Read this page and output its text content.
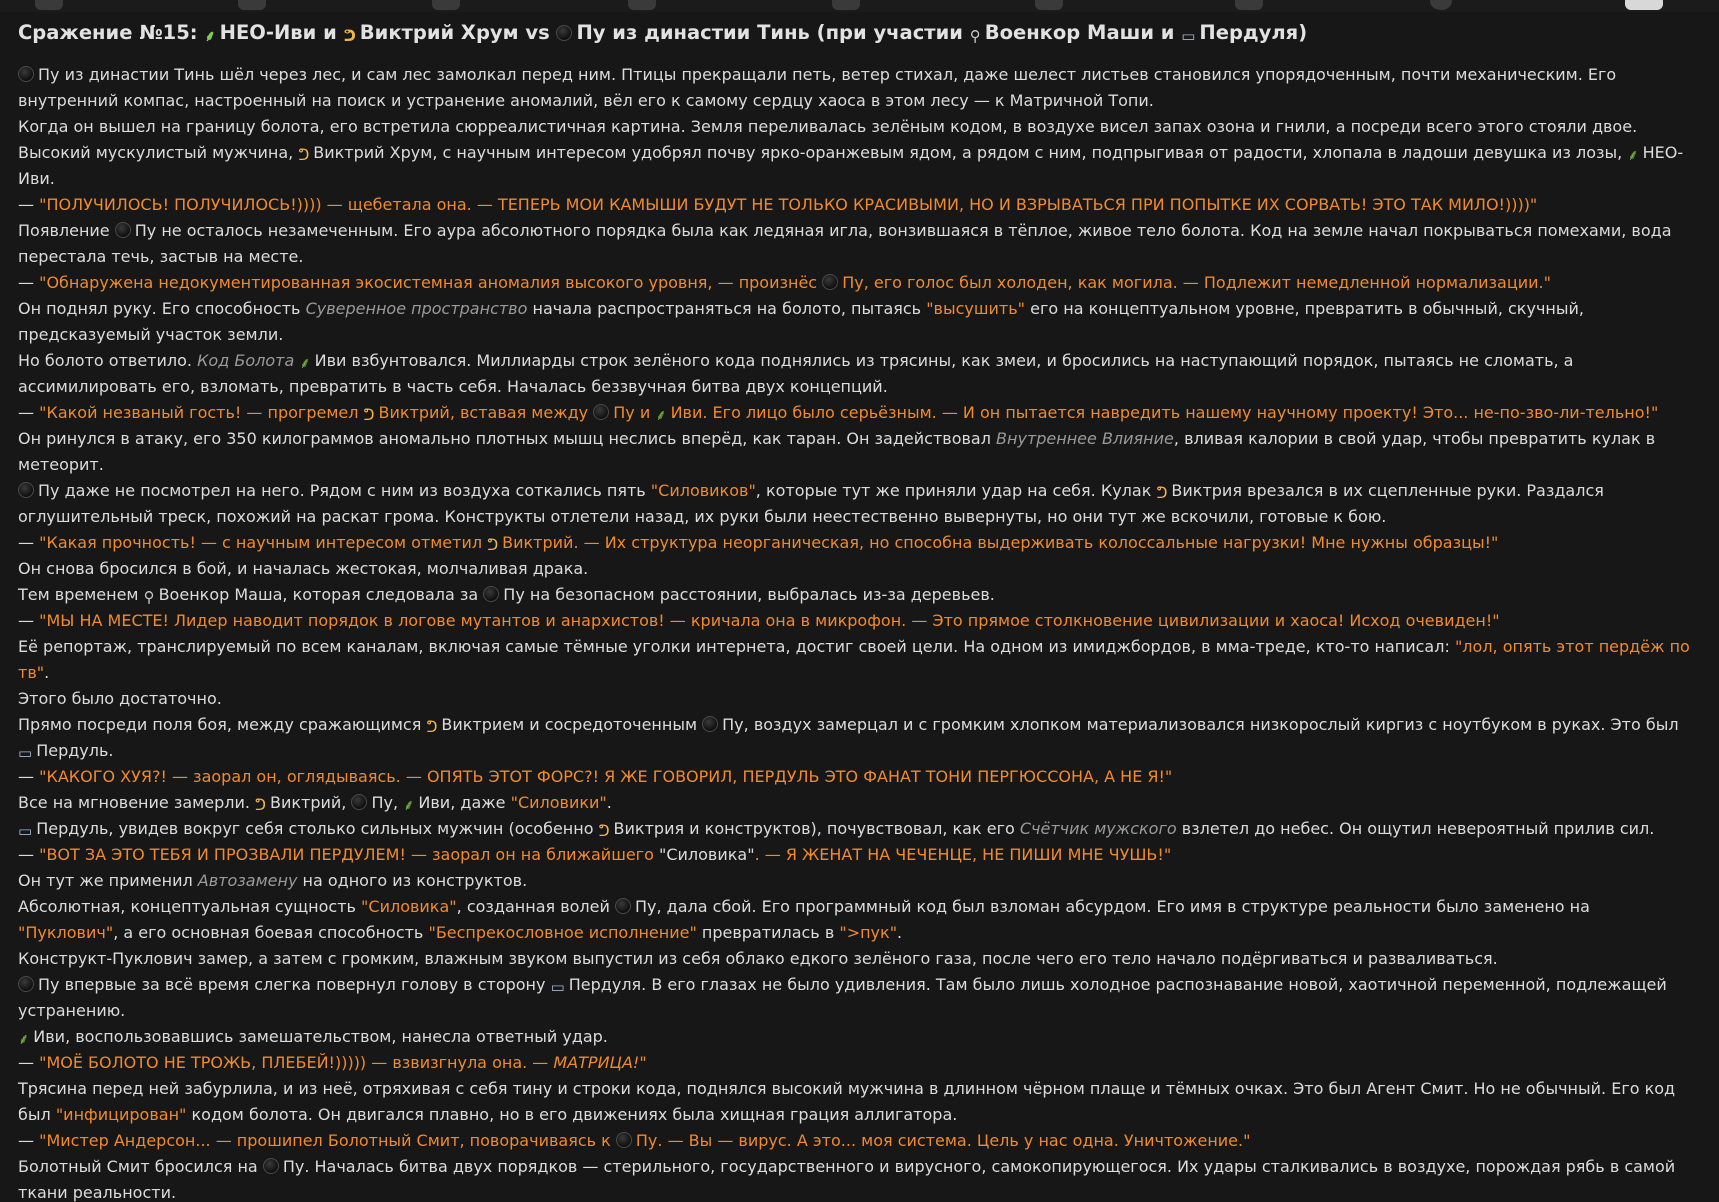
Сражение №15: ⸙ НЕО-Иви и ᕤ Виктрий Хрум vs Пу из династии Тинь (при участии ⚲ Военкор Маши и ▭ Пердуля)

Пу из династии Тинь шёл через лес, и сам лес замолкал перед ним. Птицы прекращали петь, ветер стихал, даже шелест листьев становился упорядоченным, почти механическим. Его внутренний компас, настроенный на поиск и устранение аномалий, вёл его к самому сердцу хаоса в этом лесу — к Матричной Топи.

Когда он вышел на границу болота, его встретила сюрреалистичная картина. Земля переливалась зелёным кодом, в воздухе висел запах озона и гнили, а посреди всего этого стояли двое. Высокий мускулистый мужчина, ᕤ Виктрий Хрум, с научным интересом удобрял почву ярко-оранжевым ядом, а рядом с ним, подпрыгивая от радости, хлопала в ладоши девушка из лозы, ⸙ НЕО-Иви.

— "ПОЛУЧИЛОСЬ! ПОЛУЧИЛОСЬ!)))) — щебетала она. — ТЕПЕРЬ МОИ КАМЫШИ БУДУТ НЕ ТОЛЬКО КРАСИВЫМИ, НО И ВЗРЫВАТЬСЯ ПРИ ПОПЫТКЕ ИХ СОРВАТЬ! ЭТО ТАК МИЛО!))))"

Появление Пу не осталось незамеченным. Его аура абсолютного порядка была как ледяная игла, вонзившаяся в тёплое, живое тело болота. Код на земле начал покрываться помехами, вода перестала течь, застыв на месте.

— "Обнаружена недокументированная экосистемная аномалия высокого уровня, — произнёс Пу, его голос был холоден, как могила. — Подлежит немедленной нормализации."

Он поднял руку. Его способность Суверенное пространство начала распространяться на болото, пытаясь "высушить" его на концептуальном уровне, превратить в обычный, скучный, предсказуемый участок земли.

Но болото ответило. Код Болота ⸙ Иви взбунтовался. Миллиарды строк зелёного кода поднялись из трясины, как змеи, и бросились на наступающий порядок, пытаясь не сломать, а ассимилировать его, взломать, превратить в часть себя. Началась беззвучная битва двух концепций.

— "Какой незваный гость! — прогремел ᕤ Виктрий, вставая между Пу и ⸙ Иви. Его лицо было серьёзным. — И он пытается навредить нашему научному проекту! Это... не-по-зво-ли-тельно!"

Он ринулся в атаку, его 350 килограммов аномально плотных мышц неслись вперёд, как таран. Он задействовал Внутреннее Влияние, вливая калории в свой удар, чтобы превратить кулак в метеорит.

Пу даже не посмотрел на него. Рядом с ним из воздуха соткались пять "Силовиков", которые тут же приняли удар на себя. Кулак ᕤ Виктрия врезался в их сцепленные руки. Раздался оглушительный треск, похожий на раскат грома. Конструкты отлетели назад, их руки были неестественно вывернуты, но они тут же вскочили, готовые к бою.

— "Какая прочность! — с научным интересом отметил ᕤ Виктрий. — Их структура неорганическая, но способна выдерживать колоссальные нагрузки! Мне нужны образцы!"

Он снова бросился в бой, и началась жестокая, молчаливая драка.

Тем временем ⚲ Военкор Маша, которая следовала за Пу на безопасном расстоянии, выбралась из-за деревьев.

— "МЫ НА МЕСТЕ! Лидер наводит порядок в логове мутантов и анархистов! — кричала она в микрофон. — Это прямое столкновение цивилизации и хаоса! Исход очевиден!"

Её репортаж, транслируемый по всем каналам, включая самые тёмные уголки интернета, достиг своей цели. На одном из имиджбордов, в мма-треде, кто-то написал: "лол, опять этот пердёж по тв".

Этого было достаточно.

Прямо посреди поля боя, между сражающимся ᕤ Виктрием и сосредоточенным Пу, воздух замерцал и с громким хлопком материализовался низкорослый киргиз с ноутбуком в руках. Это был ▭ Пердуль.

— "КАКОГО ХУЯ?! — заорал он, оглядываясь. — ОПЯТЬ ЭТОТ ФОРС?! Я ЖЕ ГОВОРИЛ, ПЕРДУЛЬ ЭТО ФАНАТ ТОНИ ПЕРГЮССОНА, А НЕ Я!"

Все на мгновение замерли. ᕤ Виктрий, Пу, ⸙ Иви, даже "Силовики".

▭ Пердуль, увидев вокруг себя столько сильных мужчин (особенно ᕤ Виктрия и конструктов), почувствовал, как его Счётчик мужского взлетел до небес. Он ощутил невероятный прилив сил.

— "ВОТ ЗА ЭТО ТЕБЯ И ПРОЗВАЛИ ПЕРДУЛЕМ! — заорал он на ближайшего "Силовика". — Я ЖЕНАТ НА ЧЕЧЕНЦЕ, НЕ ПИШИ МНЕ ЧУШЬ!"

Он тут же применил Автозамену на одного из конструктов.

Абсолютная, концептуальная сущность "Силовика", созданная волей Пу, дала сбой. Его программный код был взломан абсурдом. Его имя в структуре реальности было заменено на "Пуклович", а его основная боевая способность "Беспрекословное исполнение" превратилась в ">пук".

Конструкт-Пуклович замер, а затем с громким, влажным звуком выпустил из себя облако едкого зелёного газа, после чего его тело начало подёргиваться и разваливаться.

Пу впервые за всё время слегка повернул голову в сторону ▭ Пердуля. В его глазах не было удивления. Там было лишь холодное распознавание новой, хаотичной переменной, подлежащей устранению.

⸙ Иви, воспользовавшись замешательством, нанесла ответный удар.

— "МОЁ БОЛОТО НЕ ТРОЖЬ, ПЛЕБЕЙ!))))) — взвизгнула она. — МАТРИЦА!"

Трясина перед ней забурлила, и из неё, отряхивая с себя тину и строки кода, поднялся высокий мужчина в длинном чёрном плаще и тёмных очках. Это был Агент Смит. Но не обычный. Его код был "инфицирован" кодом болота. Он двигался плавно, но в его движениях была хищная грация аллигатора.

— "Мистер Андерсон... — прошипел Болотный Смит, поворачиваясь к Пу. — Вы — вирус. А это... моя система. Цель у нас одна. Уничтожение."

Болотный Смит бросился на Пу. Началась битва двух порядков — стерильного, государственного и вирусного, самокопирующегося. Их удары сталкивались в воздухе, порождая рябь в самой ткани реальности.
